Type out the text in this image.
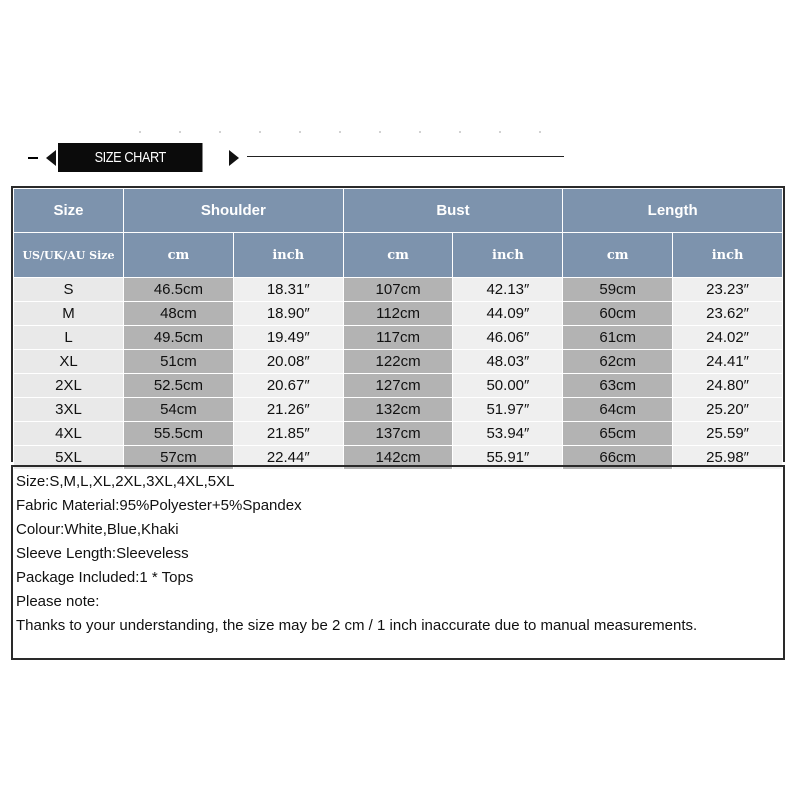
SIZE CHART
Size	Shoulder		Bust		Length	
US/UK/AU Size	cm	inch	cm	inch	cm	inch
S	46.5cm	18.31″	107cm	42.13″	59cm	23.23″
M	48cm	18.90″	112cm	44.09″	60cm	23.62″
L	49.5cm	19.49″	117cm	46.06″	61cm	24.02″
XL	51cm	20.08″	122cm	48.03″	62cm	24.41″
2XL	52.5cm	20.67″	127cm	50.00″	63cm	24.80″
3XL	54cm	21.26″	132cm	51.97″	64cm	25.20″
4XL	55.5cm	21.85″	137cm	53.94″	65cm	25.59″
5XL	57cm	22.44″	142cm	55.91″	66cm	25.98″
Size:S,M,L,XL,2XL,3XL,4XL,5XL
Fabric Material:95%Polyester+5%Spandex
Colour:White,Blue,Khaki
Sleeve Length:Sleeveless
Package Included:1 * Tops
Please note:
Thanks to your understanding, the size may be 2 cm / 1 inch inaccurate due to manual measurements.
